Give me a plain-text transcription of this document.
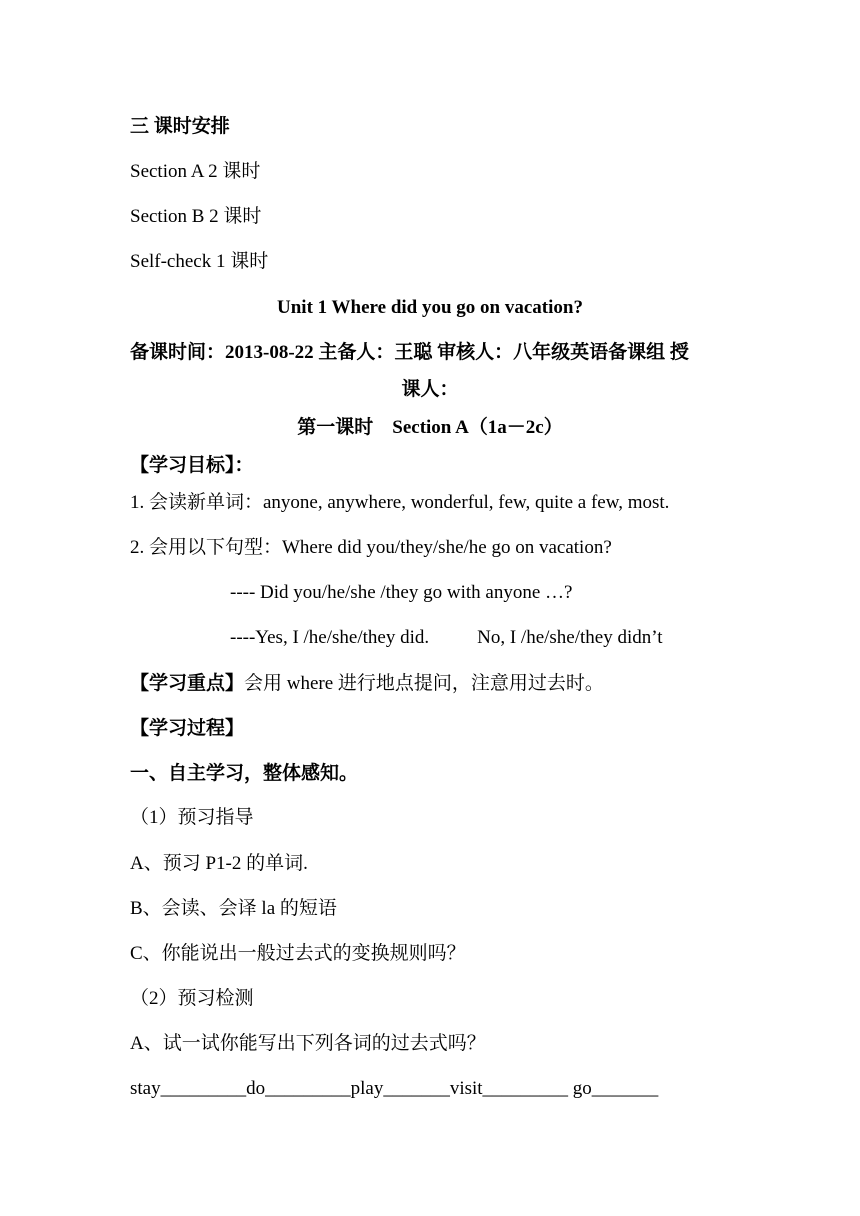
三 课时安排
Section A 2 课时
Section B 2 课时
Self-check 1 课时
Unit 1 Where did you go on vacation?
备课时间：2013-08-22 主备人：王聪 审核人：八年级英语备课组 授
课人：
第一课时　Section A（1a－2c）
【学习目标】：
1. 会读新单词：anyone, anywhere, wonderful, few, quite a few, most.
2. 会用以下句型：Where did you/they/she/he go on vacation?
---- Did you/he/she /they go with anyone …?
----Yes, I /he/she/they did.	No, I /he/she/they didn’t
【学习重点】会用 where 进行地点提问，注意用过去时。
【学习过程】
一、自主学习，整体感知。
（1）预习指导
A、预习 P1-2 的单词.
B、会读、会译 la 的短语
C、你能说出一般过去式的变换规则吗？
（2）预习检测
A、试一试你能写出下列各词的过去式吗？
stay_________do_________play_______visit_________ go_______
